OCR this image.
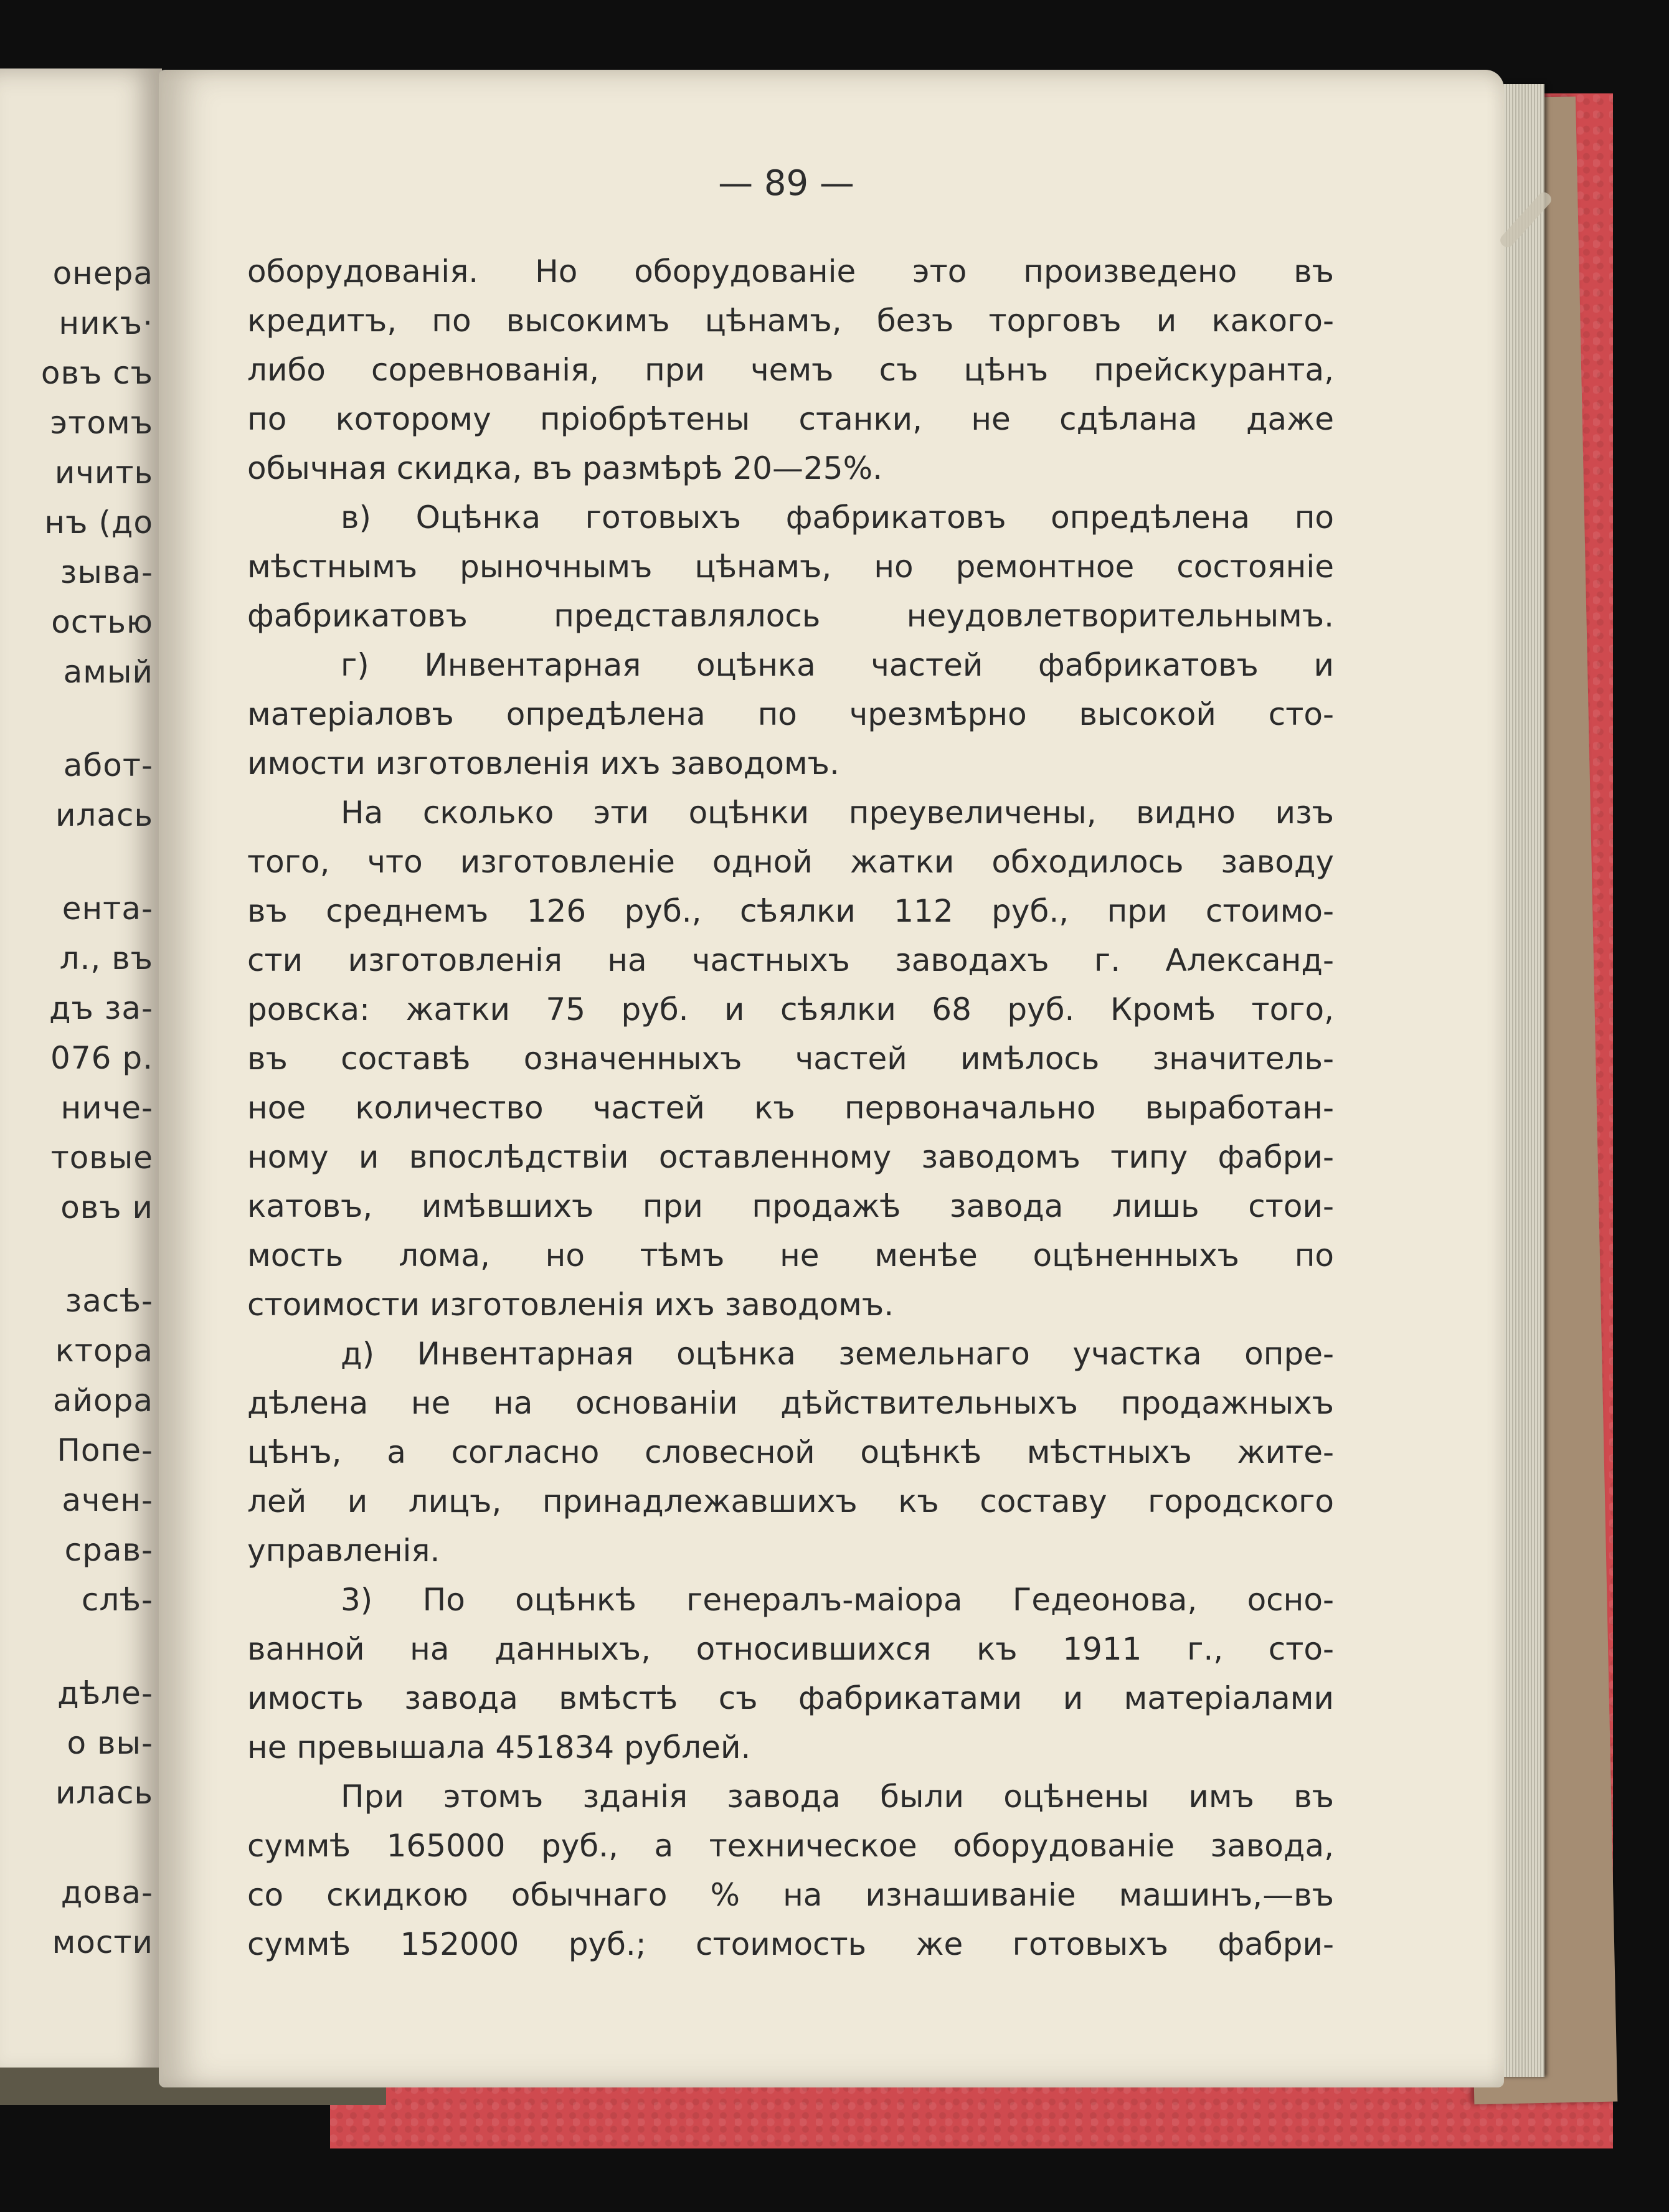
онера
никъ·
овъ съ
этомъ
ичить
нъ (до
зыва-
остью
амый
абот-
илась
ента-
л., въ
дъ за-
076 р.
ниче-
товые
овъ и
засѣ-
ктора
айора
Попе-
ачен-
срав-
слѣ-
дѣле-
о вы-
илась
дова-
мости
— 89 —
оборудованія. Но оборудованіе это произведено въ
кредитъ, по высокимъ цѣнамъ, безъ торговъ и какого-
либо соревнованія, при чемъ съ цѣнъ прейскуранта,
по которому пріобрѣтены станки, не сдѣлана даже
обычная скидка, въ размѣрѣ 20—25%.
в) Оцѣнка готовыхъ фабрикатовъ опредѣлена по
мѣстнымъ рыночнымъ цѣнамъ, но ремонтное состояніе
фабрикатовъ представлялось неудовлетворительнымъ.
г) Инвентарная оцѣнка частей фабрикатовъ и
матеріаловъ опредѣлена по чрезмѣрно высокой сто-
имости изготовленія ихъ заводомъ.
На сколько эти оцѣнки преувеличены, видно изъ
того, что изготовленіе одной жатки обходилось заводу
въ среднемъ 126 руб., сѣялки 112 руб., при стоимо-
сти изготовленія на частныхъ заводахъ г. Александ-
ровска: жатки 75 руб. и сѣялки 68 руб. Кромѣ того,
въ составѣ означенныхъ частей имѣлось значитель-
ное количество частей къ первоначально выработан-
ному и впослѣдствіи оставленному заводомъ типу фабри-
катовъ, имѣвшихъ при продажѣ завода лишь стои-
мость лома, но тѣмъ не менѣе оцѣненныхъ по
стоимости изготовленія ихъ заводомъ.
д) Инвентарная оцѣнка земельнаго участка опре-
дѣлена не на основаніи дѣйствительныхъ продажныхъ
цѣнъ, а согласно словесной оцѣнкѣ мѣстныхъ жите-
лей и лицъ, принадлежавшихъ къ составу городского
управленія.
3) По оцѣнкѣ генералъ-маіора Гедеонова, осно-
ванной на данныхъ, относившихся къ 1911 г., сто-
имость завода вмѣстѣ съ фабрикатами и матеріалами
не превышала 451834 рублей.
При этомъ зданія завода были оцѣнены имъ въ
суммѣ 165000 руб., а техническое оборудованіе завода,
со скидкою обычнаго % на изнашиваніе машинъ,—въ
суммѣ 152000 руб.; стоимость же готовыхъ фабри-
